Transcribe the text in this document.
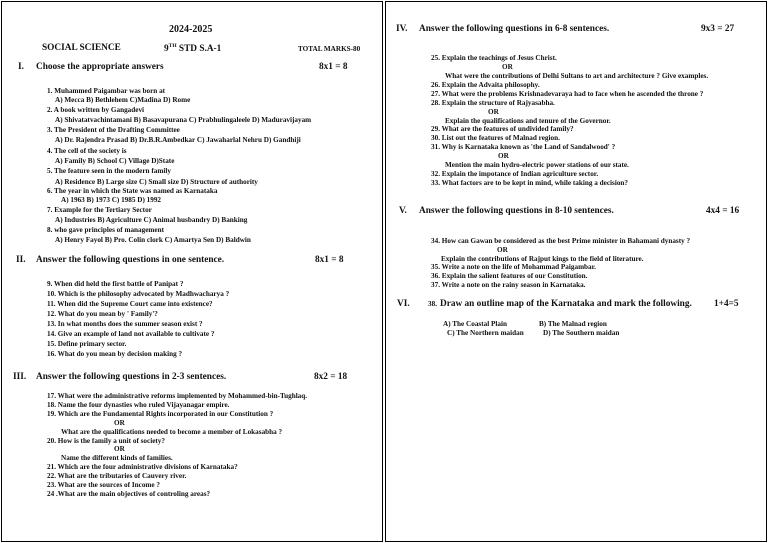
2024-2025
SOCIAL SCIENCE	9TH STD S.A-1	TOTAL MARKS-80
I. Choose the appropriate answers	8x1 = 8
1. Muhammed Paigambar was born at
A) Mecca B) Bethlehem C)Madina D) Rome
2. A book written by Gangadevi
A) Shivatatvachintamani B) Basavapurana C) Prabhulingaleele D) Maduravijayam
3. The President of the Drafting Committee
A) Dr. Rajendra Prasad B) Dr.B.R.Ambedkar C) Jawaharlal Nehru D) Gandhiji
4. The cell of the society is
A) Family B) School C) Village D)State
5. The feature seen in the modern family
A) Residence B) Large size C) Small size D) Structure of authority
6. The year in which the State was named as Karnataka
A) 1963 B) 1973 C) 1985 D) 1992
7. Example for the Tertiary Sector
A) Industries B) Agriculture C) Animal husbandry D) Banking
8. who gave principles of management
A) Henry Fayol B) Pro. Colin clork C) Amartya Sen D) Baldwin
II. Answer the following questions in one sentence.	8x1 = 8
9. When did held the first battle of Panipat ?
10. Which is the philosophy advocated by Madhwacharya ?
11. When did the Supreme Court came into existence?
12. What do you mean by ' Family'?
13. In what months does the summer season exist ?
14. Give an example of land not available to cultivate ?
15. Define primary sector.
16. What do you mean by decision making ?
III. Answer the following questions in 2-3 sentences.	8x2 = 18
17. What were the administrative reforms implemented by Mohammed-bin-Tughlaq.
18. Name the four dynasties who ruled Vijayanagar empire.
19. Which are the Fundamental Rights incorporated in our Constitution ?
OR
What are the qualifications needed to become a member of Lokasabha ?
20. How is the family a unit of society?
OR
Name the different kinds of families.
21. Which are the four administrative divisions of Karnataka?
22. What are the tributaries of Cauvery river.
23. What are the sources of Income ?
24 .What are the main objectives of controling areas?
IV. Answer the following questions in 6-8 sentences.	9x3 = 27
25. Explain the teachings of Jesus Christ.
OR
What were the contributions of Delhi Sultans to art and architecture ? Give examples.
26. Explain the Advaita philosophy.
27. What were the problems Krishnadevaraya had to face when he ascended the throne ?
28. Explain the structure of Rajyasabha.
OR
Explain the qualifications and tenure of the Governor.
29. What are the features of undivided family?
30. List out the features of Malnad region.
31. Why is Karnataka known as 'the Land of Sandalwood' ?
OR
Mention the main hydro-electric power stations of our state.
32. Explain the impotance of Indian agriculture sector.
33. What factors are to be kept in mind, while taking a decision?
V. Answer the following questions in 8-10 sentences.	4x4 = 16
34. How can Gawan be considered as the best Prime minister in Bahamani dynasty ?
OR
Explain the contributions of Rajput kings to the field of literature.
35. Write a note on the life of Mohammad Paigambar.
36. Explain the salient features of our Constitution.
37. Write a note on the rainy season in Karnataka.
VI.	38. Draw an outline map of the Karnataka and mark the following. 1+4=5
A) The Coastal Plain	B) The Malnad region
C) The Northern maidan	D) The Southern maidan
